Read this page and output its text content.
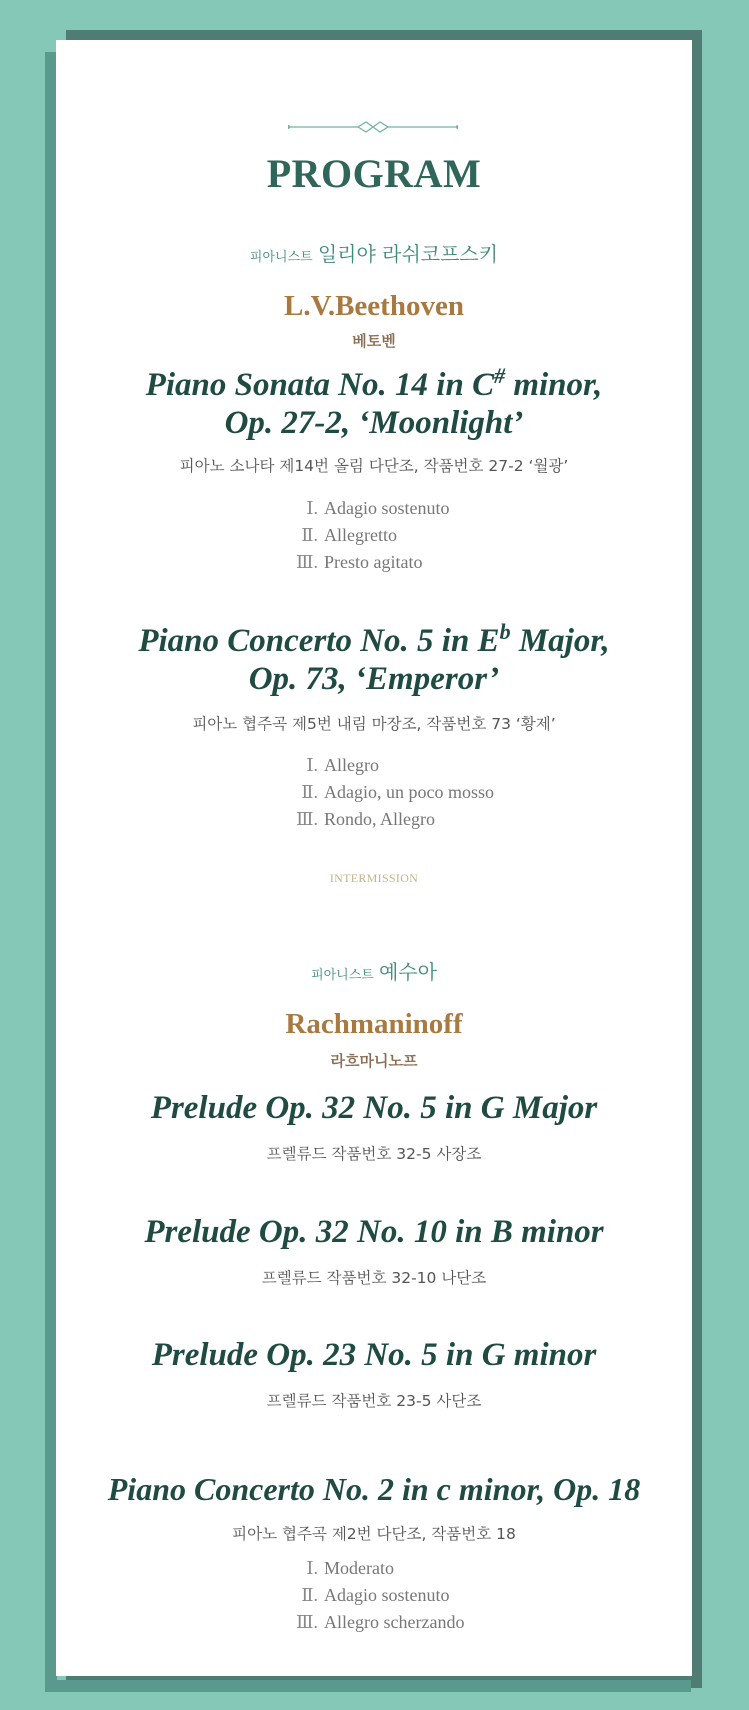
PROGRAM
피아니스트 일리야 라쉬코프스키
L.V.Beethoven
베토벤
Piano Sonata No. 14 in C# minor,
Op. 27-2, ‘Moonlight’
피아노 소나타 제14번 올림 다단조, 작품번호 27-2 ‘월광’
Ⅰ. Adagio sostenuto
Ⅱ. Allegretto
Ⅲ. Presto agitato
Piano Concerto No. 5 in $E^b$ Major,
Op. 73, ‘Emperor’
피아노 협주곡 제5번 내림 마장조, 작품번호 73 ‘황제’
Ⅰ. Allegro
Ⅱ. Adagio, un poco mosso
Ⅲ. Rondo, Allegro
INTERMISSION
피아니스트 예수아
Rachmaninoff
라흐마니노프
Prelude Op. 32 No. 5 in G Major
프렐류드 작품번호 32-5 사장조
Prelude Op. 32 No. 10 in B minor
프렐류드 작품번호 32-10 나단조
Prelude Op. 23 No. 5 in G minor
프렐류드 작품번호 23-5 사단조
Piano Concerto No. 2 in c minor, Op. 18
피아노 협주곡 제2번 다단조, 작품번호 18
Ⅰ. Moderato
Ⅱ. Adagio sostenuto
Ⅲ. Allegro scherzando
